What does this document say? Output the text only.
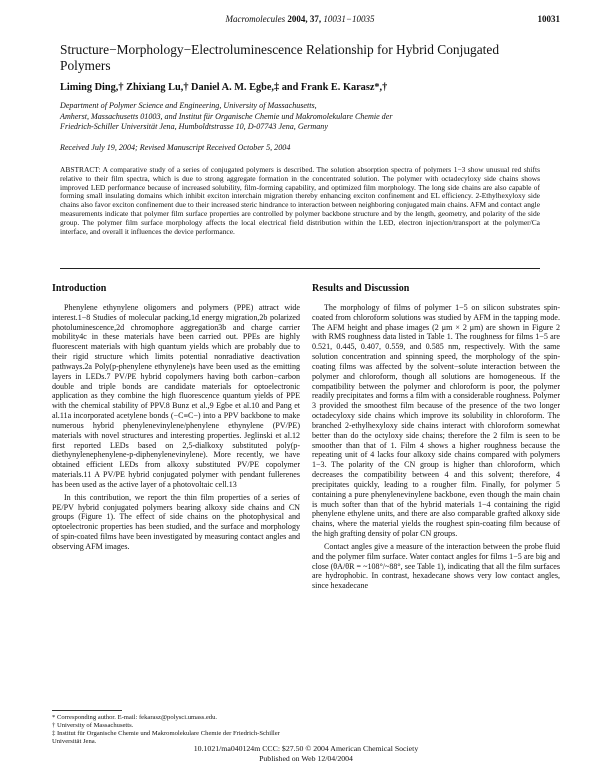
Macromolecules 2004, 37, 10031−10035	10031
Structure−Morphology−Electroluminescence Relationship for Hybrid Conjugated Polymers
Liming Ding,† Zhixiang Lu,† Daniel A. M. Egbe,‡ and Frank E. Karasz*,†
Department of Polymer Science and Engineering, University of Massachusetts,
Amherst, Massachusetts 01003, and Institut für Organische Chemie und Makromolekulare Chemie der
Friedrich-Schiller Universität Jena, Humboldtstrasse 10, D-07743 Jena, Germany
Received July 19, 2004; Revised Manuscript Received October 5, 2004
ABSTRACT: A comparative study of a series of conjugated polymers is described. The solution absorption spectra of polymers 1−3 show unusual red shifts relative to their film spectra, which is due to strong aggregate formation in the concentrated solution. The polymer with octadecyloxy side chains shows improved LED performance because of increased solubility, film-forming capability, and optimized film morphology. The long side chains are also capable of forming small insulating domains which inhibit exciton interchain migration thereby enhancing exciton confinement and EL efficiency. 2-Ethylhexyloxy side chains also favor exciton confinement due to their increased steric hindrance to interaction between neighboring conjugated main chains. AFM and contact angle measurements indicate that polymer film surface properties are controlled by polymer backbone structure and by the length, geometry, and polarity of the side group. The polymer film surface morphology affects the local electrical field distribution within the LED, electron injection/transport at the polymer/Ca interface, and overall it influences the device performance.
Introduction

Phenylene ethynylene oligomers and polymers (PPE) attract wide interest.1−8 Studies of molecular packing,1d energy migration,2b polarized photoluminescence,2d chromophore aggregation3b and charge carrier mobility4c in these materials have been carried out. PPEs are highly fluorescent materials with high quantum yields which are probably due to their rigid structure which limits potential nonradiative deactivation pathways.2a Poly(p-phenylene ethynylene)s have been used as the emitting layers in LEDs.7 PV/PE hybrid copolymers having both carbon−carbon double and triple bonds are candidate materials for optoelectronic application as they combine the high fluorescence quantum yields of PPE with the chemical stability of PPV.8 Bunz et al.,9 Egbe et al.10 and Pang et al.11a incorporated acetylene bonds (−C≡C−) into a PPV backbone to make numerous hybrid phenylenevinylene/phenylene ethynylene (PV/PE) materials with novel structures and interesting properties. Jeglinski et al.12 first reported LEDs based on 2,5-dialkoxy substituted poly(p-diethynylenephenylene-p-diphenylenevinylene). More recently, we have obtained efficient LEDs from alkoxy substituted PV/PE copolymer materials.11 A PV/PE hybrid conjugated polymer with pendant fullerenes has been used as the active layer of a photovoltaic cell.13

In this contribution, we report the thin film properties of a series of PE/PV hybrid conjugated polymers bearing alkoxy side chains and CN groups (Figure 1). The effect of side chains on the photophysical and optoelectronic properties has been studied, and the surface and morphology of spin-coated films have been investigated by measuring contact angles and observing AFM images.

Results and Discussion

The morphology of films of polymer 1−5 on silicon substrates spin-coated from chloroform solutions was studied by AFM in the tapping mode. The AFM height and phase images (2 μm × 2 μm) are shown in Figure 2 with RMS roughness data listed in Table 1. The roughness for films 1−5 are 0.521, 0.445, 0.407, 0.559, and 0.585 nm, respectively. With the same solution concentration and spinning speed, the morphology of the spin-coating films was affected by the solvent−solute interaction between the polymer and chloroform, though all solutions are homogeneous. If the compatibility between the polymer and chloroform is poor, the polymer readily precipitates and forms a film with a considerable roughness. Polymer 3 provided the smoothest film because of the presence of the two longer octadecyloxy side chains which improve its solubility in chloroform. The branched 2-ethylhexyloxy side chains interact with chloroform somewhat better than do the octyloxy side chains; therefore the 2 film is seen to be smoother than that of 1. Film 4 shows a higher roughness because the repeating unit of 4 lacks four alkoxy side chains compared with polymers 1−3. The polarity of the CN group is higher than chloroform, which decreases the compatibility between 4 and this solvent; therefore, 4 precipitates quickly, leading to a rougher film. Finally, for polymer 5 containing a pure phenylenevinylene backbone, even though the main chain is much softer than that of the hybrid materials 1−4 containing the rigid phenylene ethylene units, and there are also comparable grafted alkoxy side chains, where the material yields the roughest spin-coating film because of the high grafting density of polar CN groups.

Contact angles give a measure of the interaction between the probe fluid and the polymer film surface. Water contact angles for films 1−5 are big and close (θA/θR = ~108°/~88°, see Table 1), indicating that all the film surfaces are hydrophobic. In contrast, hexadecane shows very low contact angles, since hexadecane

* Corresponding author. E-mail: fekarasz@polysci.umass.edu.
† University of Massachusetts.
‡ Institut für Organische Chemie und Makromolekulare Chemie der Friedrich-Schiller Universität Jena.
10.1021/ma040124m CCC: $27.50 © 2004 American Chemical Society
Published on Web 12/04/2004
